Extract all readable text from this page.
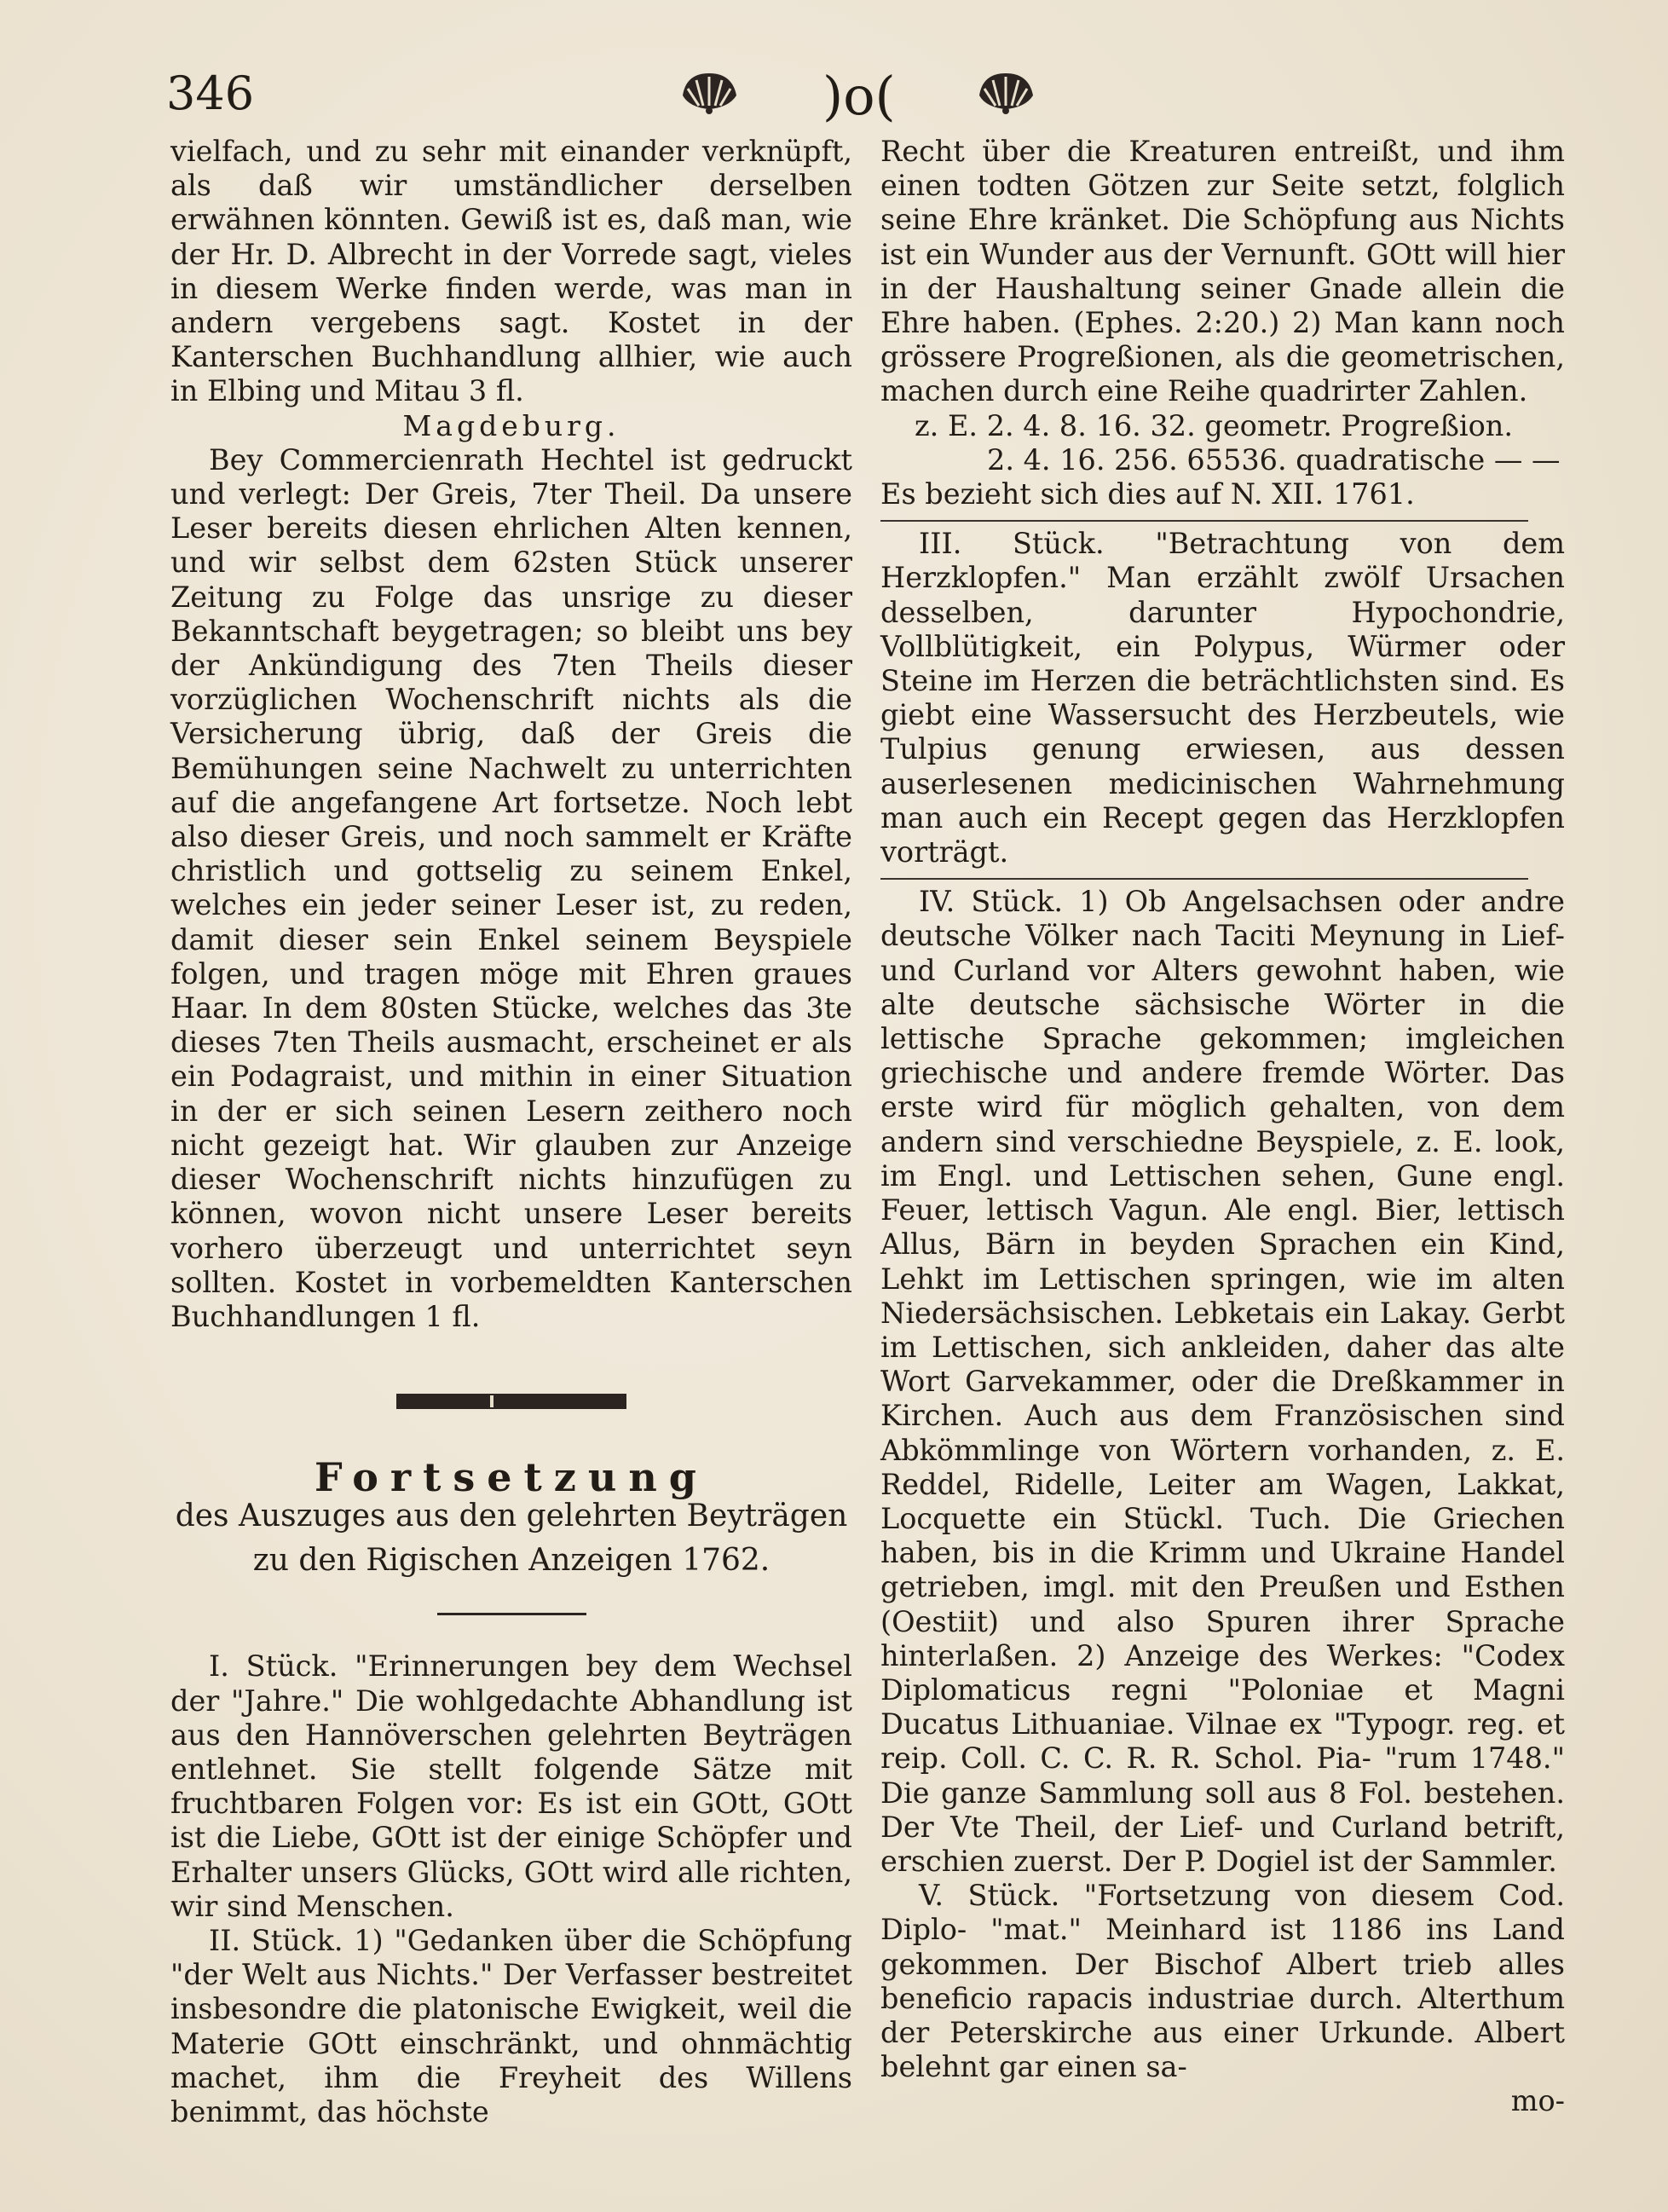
346	)o(

vielfach, und zu sehr mit einander verknüpft, als daß wir umständlicher derselben erwähnen könnten. Gewiß ist es, daß man, wie der Hr. D. Albrecht in der Vorrede sagt, vieles in diesem Werke finden werde, was man in andern vergebens sagt. Kostet in der Kanterschen Buchhandlung allhier, wie auch in Elbing und Mitau 3 fl.

Magdeburg.

Bey Commercienrath Hechtel ist gedruckt und verlegt: Der Greis, 7ter Theil. Da unsere Leser bereits diesen ehrlichen Alten kennen, und wir selbst dem 62sten Stück unserer Zeitung zu Folge das unsrige zu dieser Bekanntschaft beygetragen; so bleibt uns bey der Ankündigung des 7ten Theils dieser vorzüglichen Wochenschrift nichts als die Versicherung übrig, daß der Greis die Bemühungen seine Nachwelt zu unterrichten auf die angefangene Art fortsetze. Noch lebt also dieser Greis, und noch sammelt er Kräfte christlich und gottselig zu seinem Enkel, welches ein jeder seiner Leser ist, zu reden, damit dieser sein Enkel seinem Beyspiele folgen, und tragen möge mit Ehren graues Haar. In dem 80sten Stücke, welches das 3te dieses 7ten Theils ausmacht, erscheinet er als ein Podagraist, und mithin in einer Situation in der er sich seinen Lesern zeithero noch nicht gezeigt hat. Wir glauben zur Anzeige dieser Wochenschrift nichts hinzufügen zu können, wovon nicht unsere Leser bereits vorhero überzeugt und unterrichtet seyn sollten. Kostet in vorbemeldten Kanterschen Buchhandlungen 1 fl.

Fortsetzung

des Auszuges aus den gelehrten Beyträgen zu den Rigischen Anzeigen 1762.

I. Stück. "Erinnerungen bey dem Wechsel der "Jahre." Die wohlgedachte Abhandlung ist aus den Hannöverschen gelehrten Beyträgen entlehnet. Sie stellt folgende Sätze mit fruchtbaren Folgen vor: Es ist ein GOtt, GOtt ist die Liebe, GOtt ist der einige Schöpfer und Erhalter unsers Glücks, GOtt wird alle richten, wir sind Menschen.

II. Stück. 1) "Gedanken über die Schöpfung "der Welt aus Nichts." Der Verfasser bestreitet insbesondre die platonische Ewigkeit, weil die Materie GOtt einschränkt, und ohnmächtig machet, ihm die Freyheit des Willens benimmt, das höchste

Recht über die Kreaturen entreißt, und ihm einen todten Götzen zur Seite setzt, folglich seine Ehre kränket. Die Schöpfung aus Nichts ist ein Wunder aus der Vernunft. GOtt will hier in der Haushaltung seiner Gnade allein die Ehre haben. (Ephes. 2:20.) 2) Man kann noch grössere Progreßionen, als die geometrischen, machen durch eine Reihe quadrirter Zahlen.

z. E. 2. 4. 8. 16. 32. geometr. Progreßion.

2. 4. 16. 256. 65536. quadratische — —

Es bezieht sich dies auf N. XII. 1761.

III. Stück. "Betrachtung von dem Herzklopfen." Man erzählt zwölf Ursachen desselben, darunter Hypochondrie, Vollblütigkeit, ein Polypus, Würmer oder Steine im Herzen die beträchtlichsten sind. Es giebt eine Wassersucht des Herzbeutels, wie Tulpius genung erwiesen, aus dessen auserlesenen medicinischen Wahrnehmung man auch ein Recept gegen das Herzklopfen vorträgt.

IV. Stück. 1) Ob Angelsachsen oder andre deutsche Völker nach Taciti Meynung in Lief- und Curland vor Alters gewohnt haben, wie alte deutsche sächsische Wörter in die lettische Sprache gekommen; imgleichen griechische und andere fremde Wörter. Das erste wird für möglich gehalten, von dem andern sind verschiedne Beyspiele, z. E. look, im Engl. und Lettischen sehen, Gune engl. Feuer, lettisch Vagun. Ale engl. Bier, lettisch Allus, Bärn in beyden Sprachen ein Kind, Lehkt im Lettischen springen, wie im alten Niedersächsischen. Lebketais ein Lakay. Gerbt im Lettischen, sich ankleiden, daher das alte Wort Garvekammer, oder die Dreßkammer in Kirchen. Auch aus dem Französischen sind Abkömmlinge von Wörtern vorhanden, z. E. Reddel, Ridelle, Leiter am Wagen, Lakkat, Locquette ein Stückl. Tuch. Die Griechen haben, bis in die Krimm und Ukraine Handel getrieben, imgl. mit den Preußen und Esthen (Oestiit) und also Spuren ihrer Sprache hinterlaßen. 2) Anzeige des Werkes: "Codex Diplomaticus regni "Poloniae et Magni Ducatus Lithuaniae. Vilnae ex "Typogr. reg. et reip. Coll. C. C. R. R. Schol. Pia- "rum 1748." Die ganze Sammlung soll aus 8 Fol. bestehen. Der Vte Theil, der Lief- und Curland betrift, erschien zuerst. Der P. Dogiel ist der Sammler.

V. Stück. "Fortsetzung von diesem Cod. Diplo- "mat." Meinhard ist 1186 ins Land gekommen. Der Bischof Albert trieb alles beneficio rapacis industriae durch. Alterthum der Peterskirche aus einer Urkunde. Albert belehnt gar einen sa-

mo-
